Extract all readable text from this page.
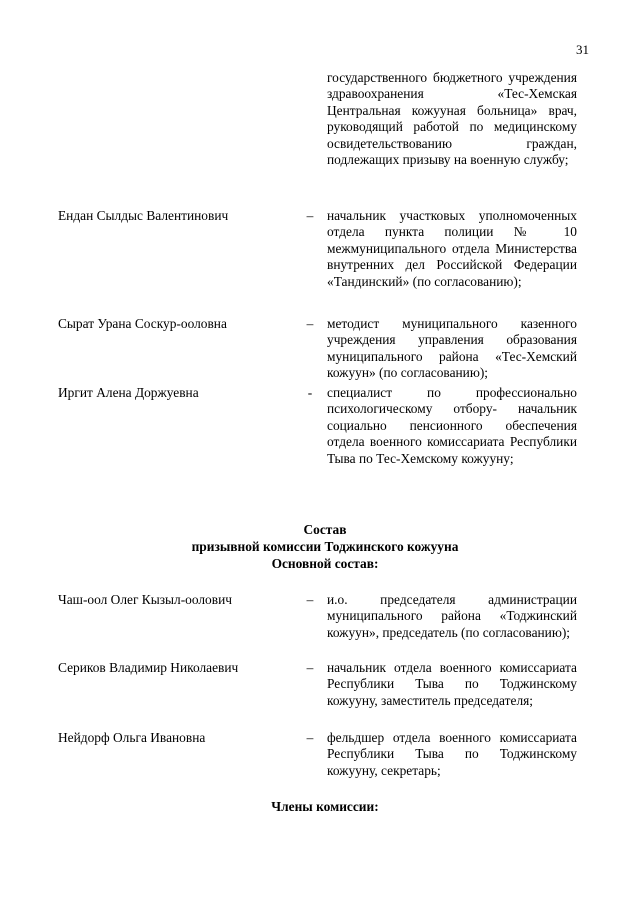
31
государственного бюджетного учреждения здравоохранения «Тес-Хемская Центральная кожууная больница» врач, руководящий работой по медицинскому освидетельствованию граждан, подлежащих призыву на военную службу;
Ендан Сылдыс Валентинович	–	начальник участковых уполномоченных отдела пункта полиции № 10 межмуниципального отдела Министерства внутренних дел Российской Федерации «Тандинский» (по согласованию);
Сырат Урана Соскур-ооловна	–	методист муниципального казенного учреждения управления образования муниципального района «Тес-Хемский кожуун» (по согласованию);
Иргит Алена Доржуевна	-	специалист по профессионально психологическому отбору- начальник социально пенсионного обеспечения отдела военного комиссариата Республики Тыва по Тес-Хемскому кожууну;
Состав
призывной комиссии Тоджинского кожууна
Основной состав:
Чаш-оол Олег Кызыл-оолович	–	и.о. председателя администрации муниципального района «Тоджинский кожуун», председатель (по согласованию);
Сериков Владимир Николаевич	–	начальник отдела военного комиссариата Республики Тыва по Тоджинскому кожууну, заместитель председателя;
Нейдорф Ольга Ивановна	–	фельдшер отдела военного комиссариата Республики Тыва по Тоджинскому кожууну, секретарь;
Члены комиссии:
